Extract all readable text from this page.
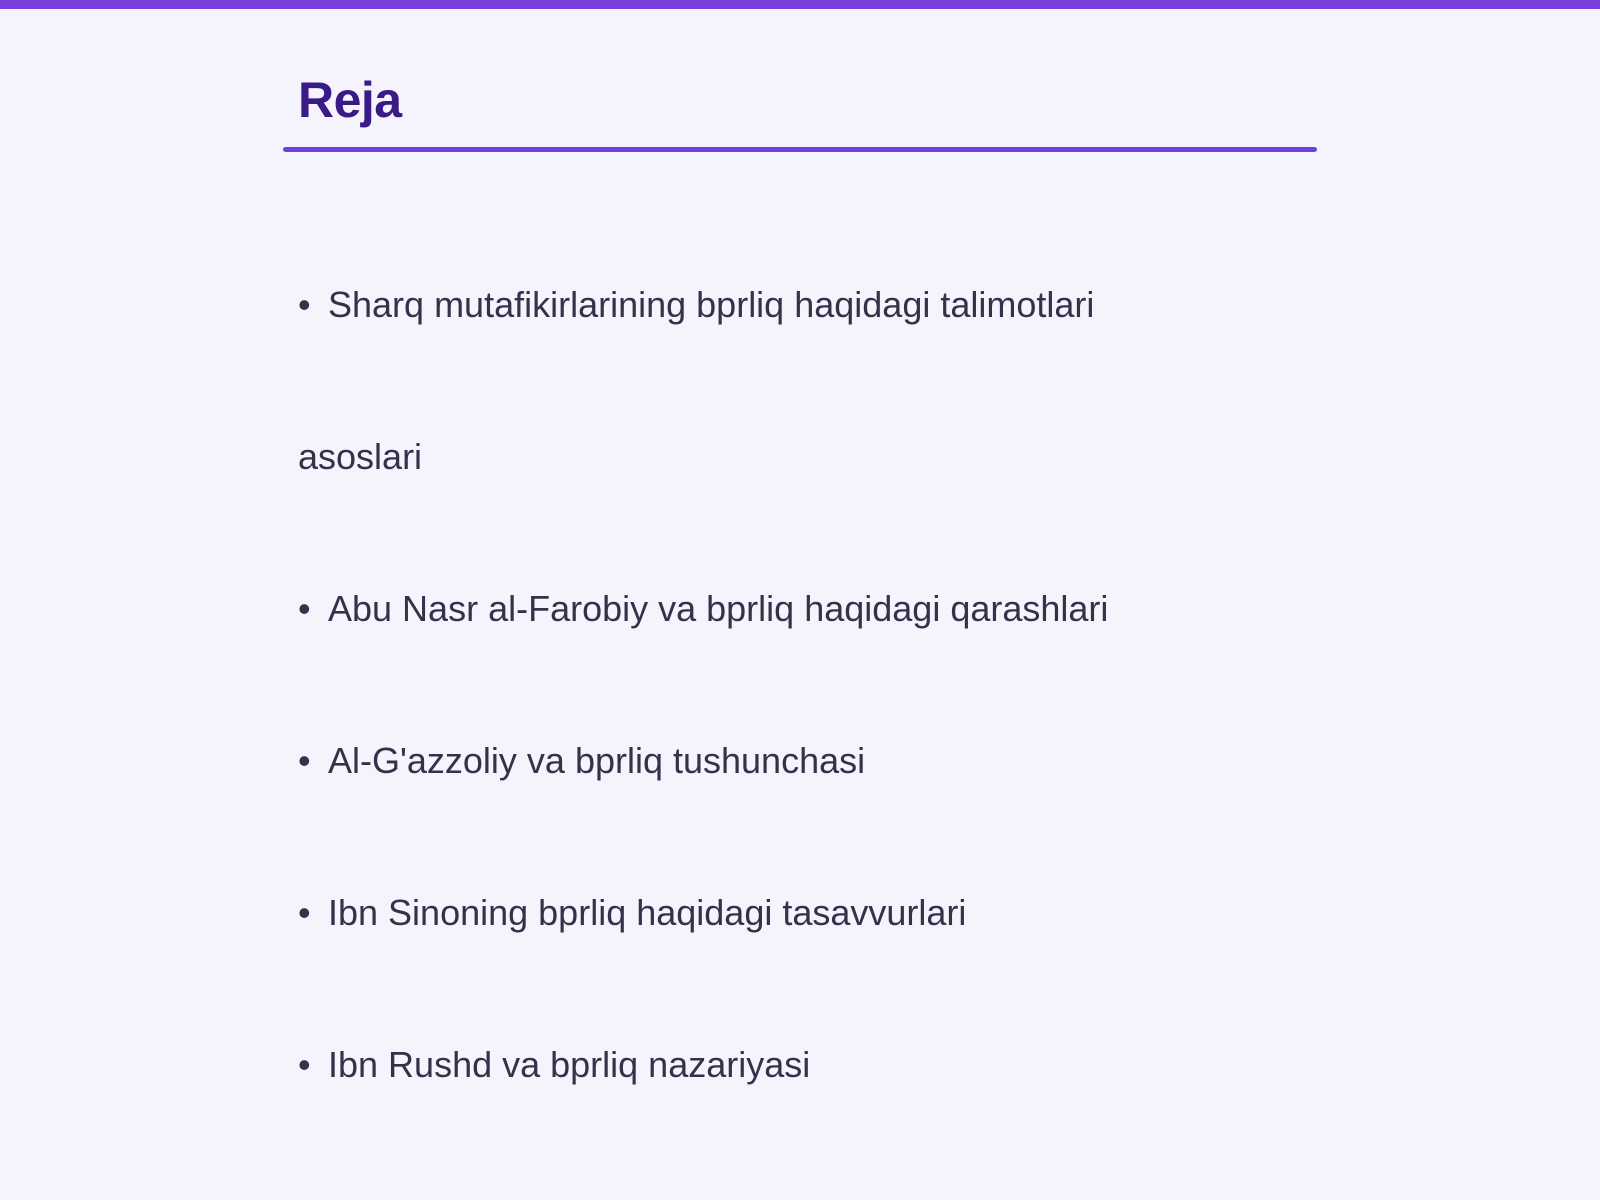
Reja
• Sharq mutafikirlarining bprliq haqidagi talimotlari
asoslari
• Abu Nasr al-Farobiy va bprliq haqidagi qarashlari
• Al-G'azzoliy va bprliq tushunchasi
• Ibn Sinoning bprliq haqidagi tasavvurlari
• Ibn Rushd va bprliq nazariyasi
